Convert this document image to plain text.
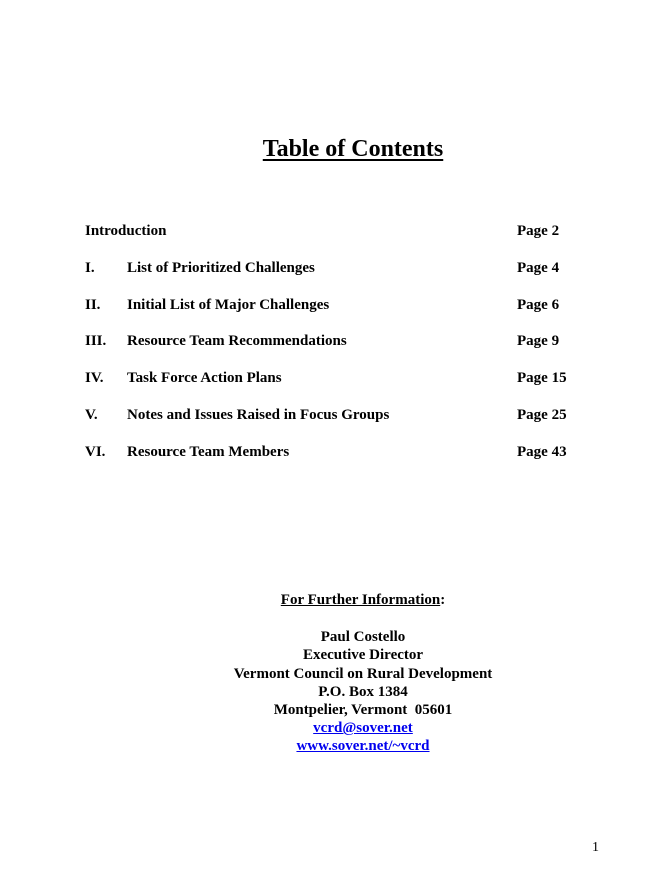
Table of Contents
Introduction	Page 2
I. List of Prioritized Challenges	Page 4
II. Initial List of Major Challenges	Page 6
III. Resource Team Recommendations	Page 9
IV. Task Force Action Plans	Page 15
V. Notes and Issues Raised in Focus Groups	Page 25
VI. Resource Team Members	Page 43
For Further Information:
Paul Costello
Executive Director
Vermont Council on Rural Development
P.O. Box 1384
Montpelier, Vermont  05601
vcrd@sover.net
www.sover.net/~vcrd
1
